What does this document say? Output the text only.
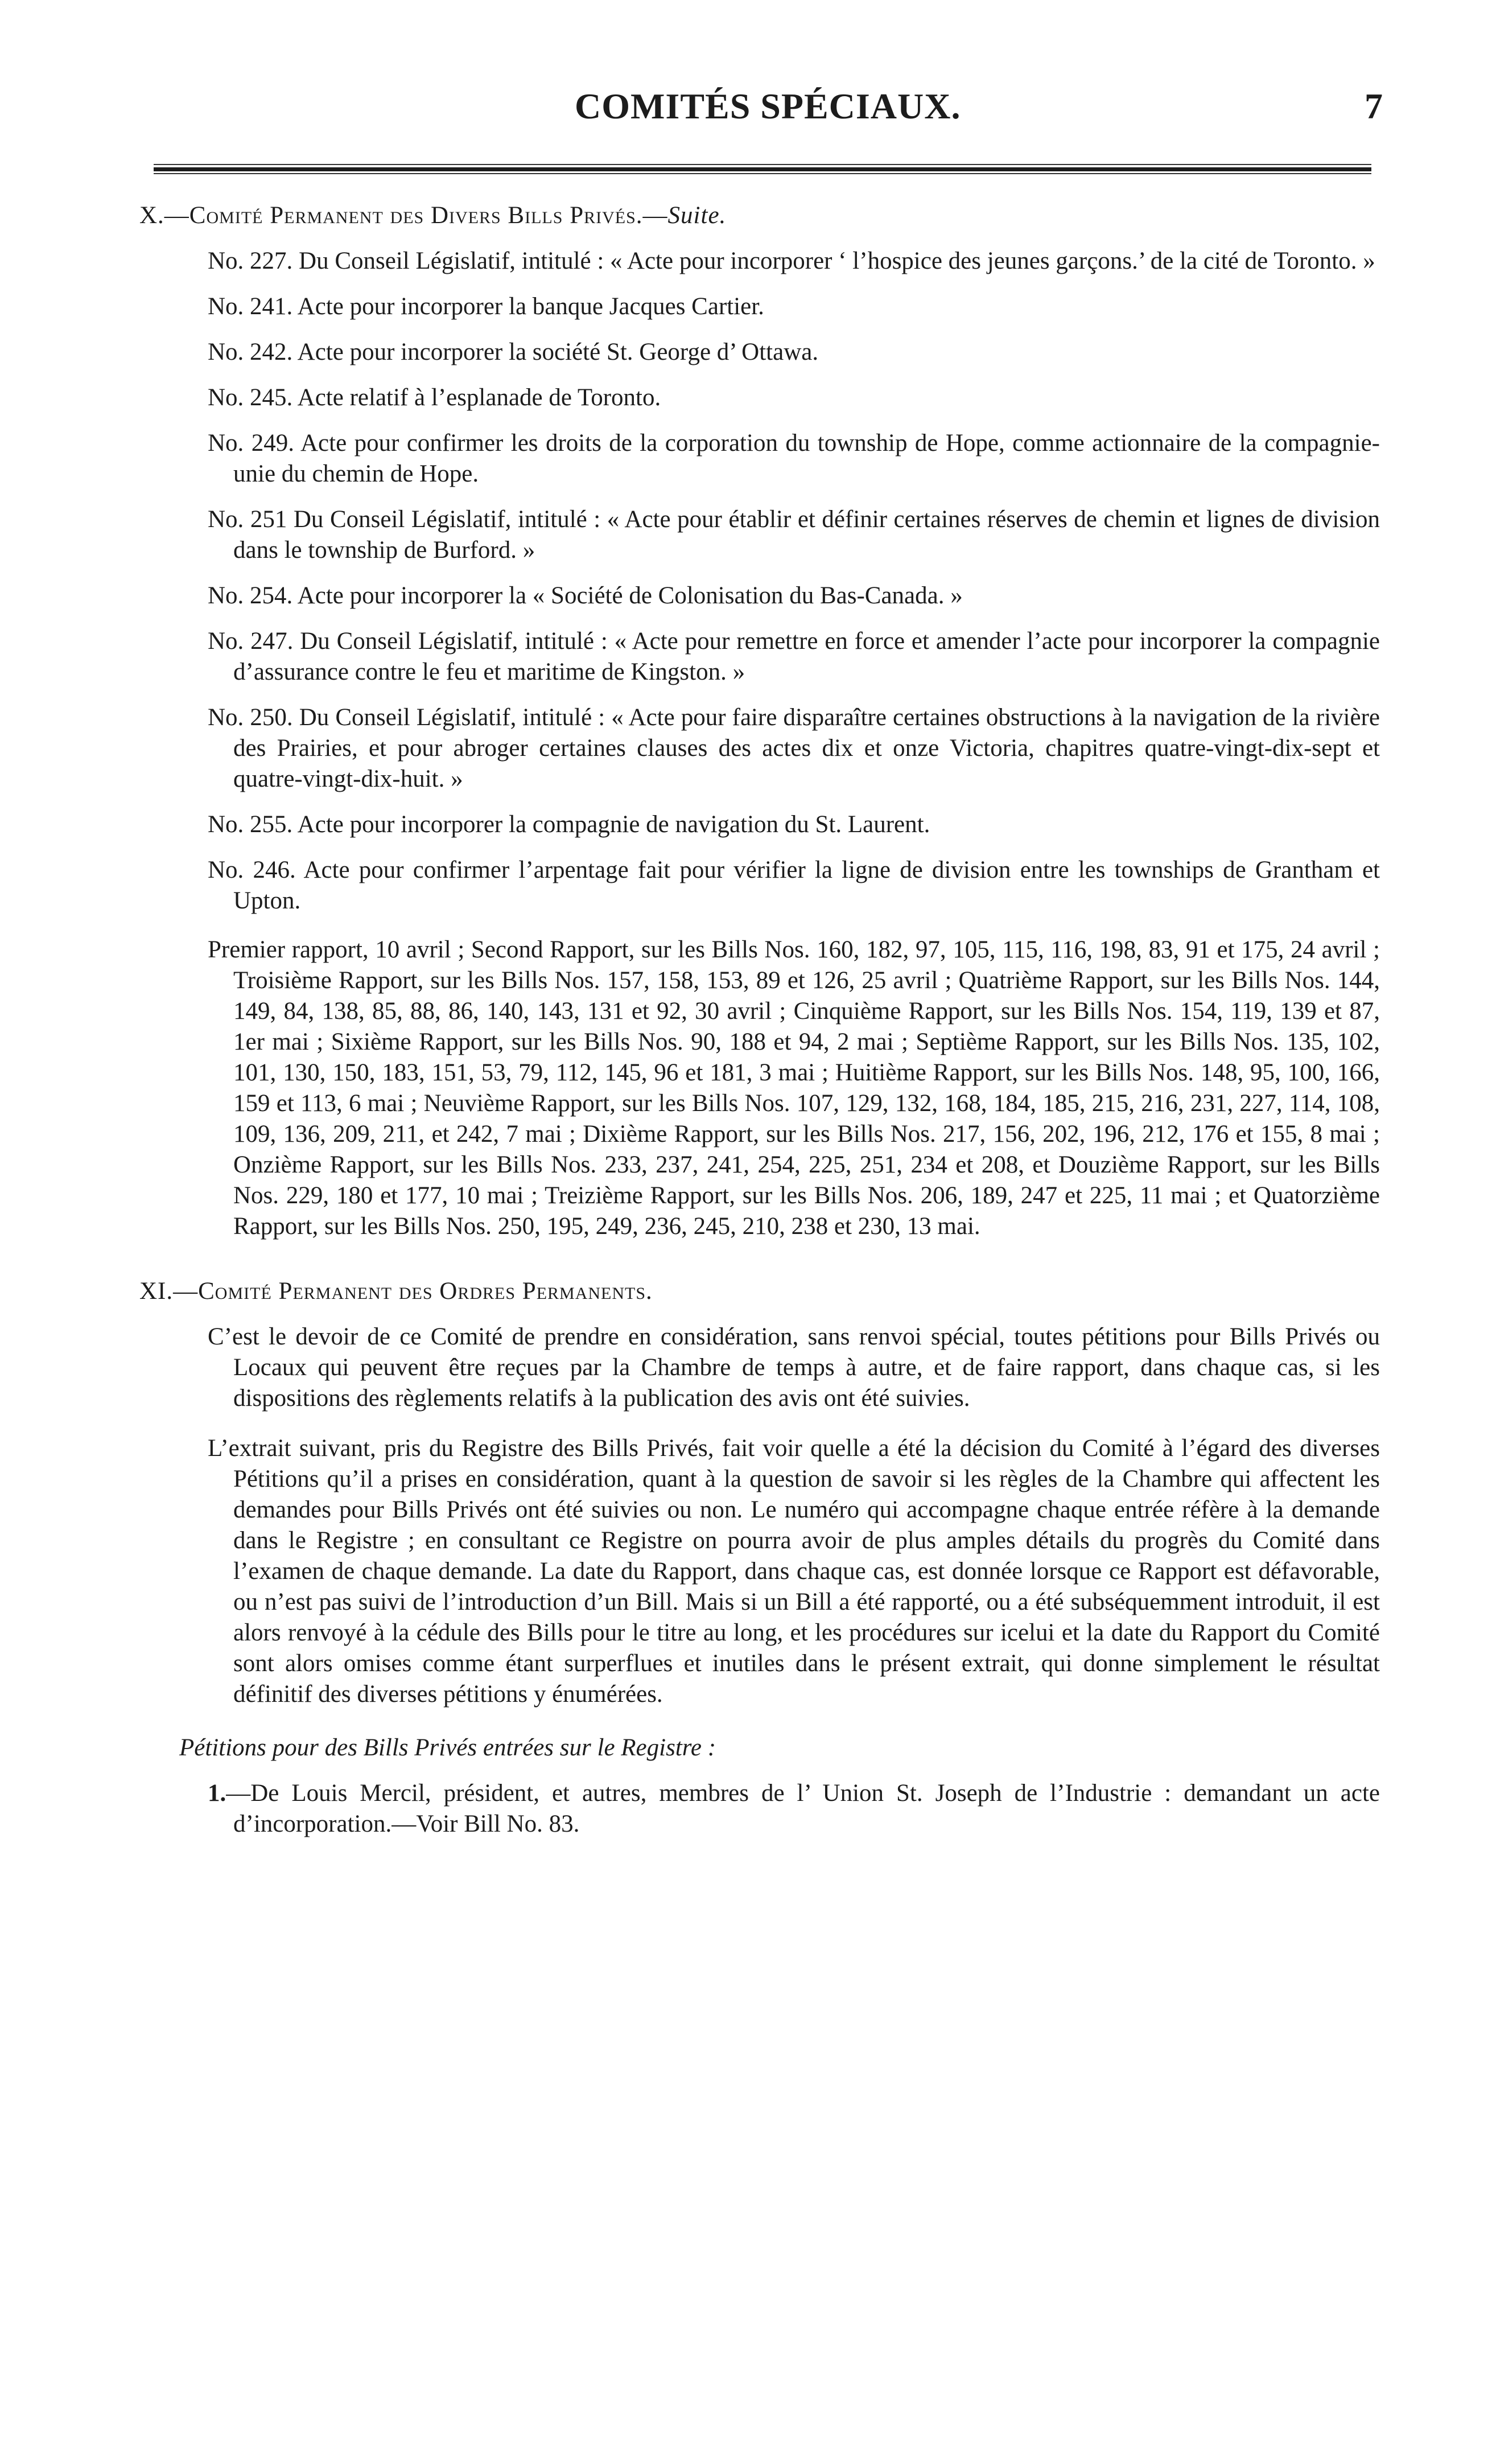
COMITÉS SPÉCIAUX.	7
X.—Comité Permanent des Divers Bills Privés.—Suite.
No. 227. Du Conseil Législatif, intitulé : « Acte pour incorporer ‘ l’hospice des jeunes garçons.’ de la cité de Toronto. »
No. 241. Acte pour incorporer la banque Jacques Cartier.
No. 242. Acte pour incorporer la société St. George d’ Ottawa.
No. 245. Acte relatif à l’esplanade de Toronto.
No. 249. Acte pour confirmer les droits de la corporation du township de Hope, comme actionnaire de la compagnie-unie du chemin de Hope.
No. 251 Du Conseil Législatif, intitulé : « Acte pour établir et définir certaines réserves de chemin et lignes de division dans le township de Burford. »
No. 254. Acte pour incorporer la « Société de Colonisation du Bas-Canada. »
No. 247. Du Conseil Législatif, intitulé : « Acte pour remettre en force et amender l’acte pour incorporer la compagnie d’assurance contre le feu et maritime de Kingston. »
No. 250. Du Conseil Législatif, intitulé : « Acte pour faire disparaître certaines obstructions à la navigation de la rivière des Prairies, et pour abroger certaines clauses des actes dix et onze Victoria, chapitres quatre-vingt-dix-sept et quatre-vingt-dix-huit. »
No. 255. Acte pour incorporer la compagnie de navigation du St. Laurent.
No. 246. Acte pour confirmer l’arpentage fait pour vérifier la ligne de division entre les townships de Grantham et Upton.
Premier rapport, 10 avril ; Second Rapport, sur les Bills Nos. 160, 182, 97, 105, 115, 116, 198, 83, 91 et 175, 24 avril ; Troisième Rapport, sur les Bills Nos. 157, 158, 153, 89 et 126, 25 avril ; Quatrième Rapport, sur les Bills Nos. 144, 149, 84, 138, 85, 88, 86, 140, 143, 131 et 92, 30 avril ; Cinquième Rapport, sur les Bills Nos. 154, 119, 139 et 87, 1er mai ; Sixième Rapport, sur les Bills Nos. 90, 188 et 94, 2 mai ; Septième Rapport, sur les Bills Nos. 135, 102, 101, 130, 150, 183, 151, 53, 79, 112, 145, 96 et 181, 3 mai ; Huitième Rapport, sur les Bills Nos. 148, 95, 100, 166, 159 et 113, 6 mai ; Neuvième Rapport, sur les Bills Nos. 107, 129, 132, 168, 184, 185, 215, 216, 231, 227, 114, 108, 109, 136, 209, 211, et 242, 7 mai ; Dixième Rapport, sur les Bills Nos. 217, 156, 202, 196, 212, 176 et 155, 8 mai ; Onzième Rapport, sur les Bills Nos. 233, 237, 241, 254, 225, 251, 234 et 208, et Douzième Rapport, sur les Bills Nos. 229, 180 et 177, 10 mai ; Treizième Rapport, sur les Bills Nos. 206, 189, 247 et 225, 11 mai ; et Quatorzième Rapport, sur les Bills Nos. 250, 195, 249, 236, 245, 210, 238 et 230, 13 mai.
XI.—Comité Permanent des Ordres Permanents.
C’est le devoir de ce Comité de prendre en considération, sans renvoi spécial, toutes pétitions pour Bills Privés ou Locaux qui peuvent être reçues par la Chambre de temps à autre, et de faire rapport, dans chaque cas, si les dispositions des règlements relatifs à la publication des avis ont été suivies.
L’extrait suivant, pris du Registre des Bills Privés, fait voir quelle a été la décision du Comité à l’égard des diverses Pétitions qu’il a prises en considération, quant à la question de savoir si les règles de la Chambre qui affectent les demandes pour Bills Privés ont été suivies ou non. Le numéro qui accompagne chaque entrée réfère à la demande dans le Registre ; en consultant ce Registre on pourra avoir de plus amples détails du progrès du Comité dans l’examen de chaque demande. La date du Rapport, dans chaque cas, est donnée lorsque ce Rapport est défavorable, ou n’est pas suivi de l’introduction d’un Bill. Mais si un Bill a été rapporté, ou a été subséquemment introduit, il est alors renvoyé à la cédule des Bills pour le titre au long, et les procédures sur icelui et la date du Rapport du Comité sont alors omises comme étant surperflues et inutiles dans le présent extrait, qui donne simplement le résultat définitif des diverses pétitions y énumérées.
Pétitions pour des Bills Privés entrées sur le Registre :
1.—De Louis Mercil, président, et autres, membres de l’ Union St. Joseph de l’Industrie : demandant un acte d’incorporation.—Voir Bill No. 83.
